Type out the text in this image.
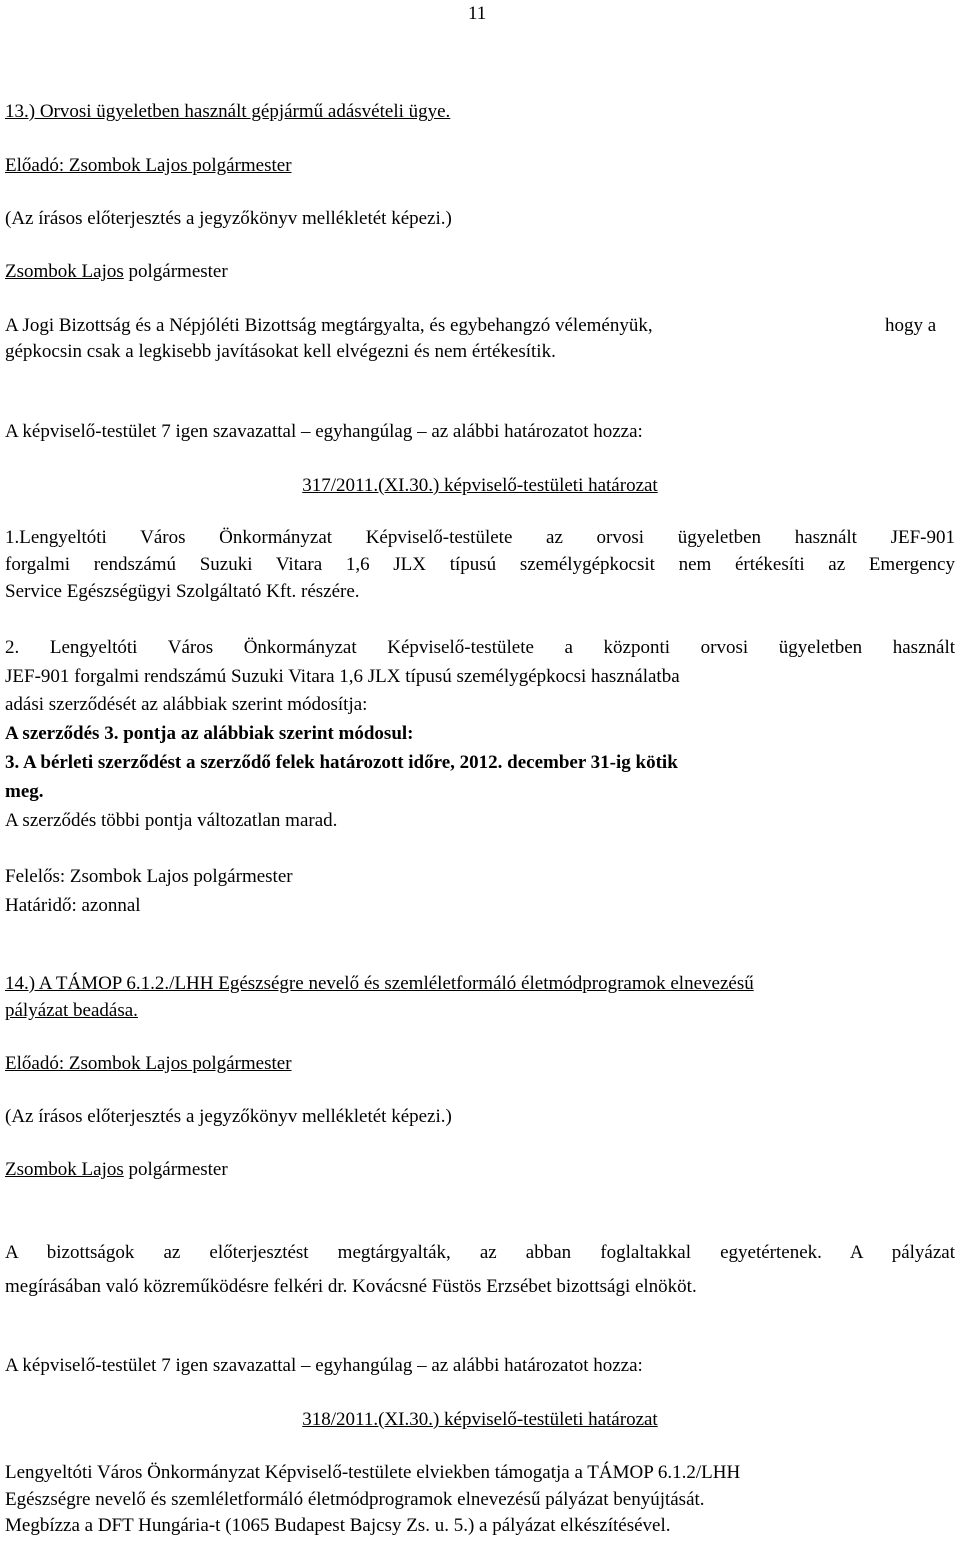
11
13.) Orvosi ügyeletben használt gépjármű adásvételi ügye.
Előadó: Zsombok Lajos polgármester
(Az írásos előterjesztés a jegyzőkönyv mellékletét képezi.)
Zsombok Lajos polgármester
A Jogi Bizottság és a Népjóléti Bizottság megtárgyalta, és egybehangzó véleményük,	hogy a
gépkocsin csak a legkisebb javításokat kell elvégezni és nem értékesítik.
A képviselő-testület 7 igen szavazattal – egyhangúlag – az alábbi határozatot hozza:
317/2011.(XI.30.) képviselő-testületi határozat
1.Lengyeltóti Város Önkormányzat Képviselő-testülete az orvosi ügyeletben használt JEF-901
forgalmi rendszámú Suzuki Vitara 1,6 JLX típusú személygépkocsit nem értékesíti az Emergency
Service Egészségügyi Szolgáltató Kft. részére.
2. Lengyeltóti Város Önkormányzat Képviselő-testülete a központi orvosi ügyeletben használt
JEF-901 forgalmi rendszámú Suzuki Vitara 1,6 JLX típusú személygépkocsi használatba
adási szerződését az alábbiak szerint módosítja:
A szerződés 3. pontja az alábbiak szerint módosul:
3. A bérleti szerződést a szerződő felek határozott időre, 2012. december 31-ig kötik
meg.
A szerződés többi pontja változatlan marad.
Felelős: Zsombok Lajos polgármester
Határidő: azonnal
14.) A TÁMOP 6.1.2./LHH Egészségre nevelő és szemléletformáló életmódprogramok elnevezésű
pályázat beadása.
Előadó: Zsombok Lajos polgármester
(Az írásos előterjesztés a jegyzőkönyv mellékletét képezi.)
Zsombok Lajos polgármester
A bizottságok az előterjesztést megtárgyalták, az abban foglaltakkal egyetértenek. A pályázat
megírásában való közreműködésre felkéri dr. Kovácsné Füstös Erzsébet bizottsági elnököt.
A képviselő-testület 7 igen szavazattal – egyhangúlag – az alábbi határozatot hozza:
318/2011.(XI.30.) képviselő-testületi határozat
Lengyeltóti Város Önkormányzat Képviselő-testülete elviekben támogatja a TÁMOP 6.1.2/LHH
Egészségre nevelő és szemléletformáló életmódprogramok elnevezésű pályázat benyújtását.
Megbízza a DFT Hungária-t (1065 Budapest Bajcsy Zs. u. 5.) a pályázat elkészítésével.
